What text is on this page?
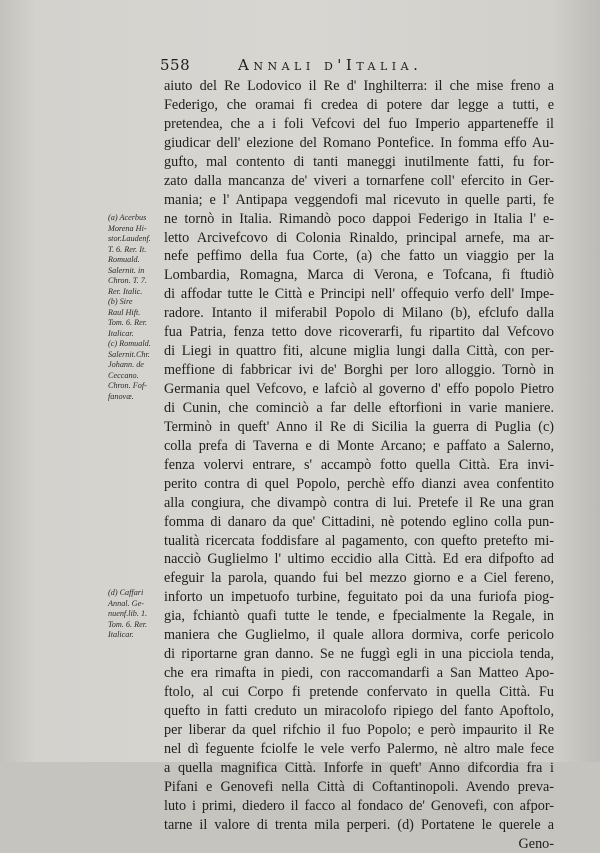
558	Annali d'Italia.
(a) Acerbus
Morena Hi-
stor.Laudenf.
T. 6. Rer. It.
Romuald.
Salernit. in
Chron. T. 7.
Rer. Italic.
(b) Sire
Raul Hift.
Tom. 6. Rer.
Italicar.
(c) Romuald.
Salernit.Chr.
Johann. de
Ceccano.
Chron. Fof-
fanovæ.
(d) Caffari
Annal. Ge-
nuenf.lib. 1.
Tom. 6. Rer.
Italicar.
aiuto del Re Lodovico il Re d' Inghilterra: il che mise freno a
Federigo, che oramai fi credea di potere dar legge a tutti, e
pretendea, che a i foli Vefcovi del fuo Imperio apparteneffe il
giudicar dell' elezione del Romano Pontefice. In fomma effo Au-
gufto, mal contento di tanti maneggi inutilmente fatti, fu for-
zato dalla mancanza de' viveri a tornarfene coll' efercito in Ger-
mania; e l' Antipapa veggendofi mal ricevuto in quelle parti, fe
ne tornò in Italia. Rimandò poco dappoi Federigo in Italia l' e-
letto Arcivefcovo di Colonia Rinaldo, principal arnefe, ma ar-
nefe peffimo della fua Corte, (a) che fatto un viaggio per la
Lombardia, Romagna, Marca di Verona, e Tofcana, fi ftudiò
di affodar tutte le Città e Principi nell' offequio verfo dell' Impe-
radore. Intanto il miferabil Popolo di Milano (b), efclufo dalla
fua Patria, fenza tetto dove ricoverarfi, fu ripartito dal Vefcovo
di Liegi in quattro fiti, alcune miglia lungi dalla Città, con per-
meffione di fabbricar ivi de' Borghi per loro alloggio. Tornò in
Germania quel Vefcovo, e lafciò al governo d' effo popolo Pietro
di Cunin, che cominciò a far delle eftorfioni in varie maniere.
Terminò in queft' Anno il Re di Sicilia la guerra di Puglia (c)
colla prefa di Taverna e di Monte Arcano; e paffato a Salerno,
fenza volervi entrare, s' accampò fotto quella Città. Era invi-
perito contra di quel Popolo, perchè effo dianzi avea confentito
alla congiura, che divampò contra di lui. Pretefe il Re una gran
fomma di danaro da que' Cittadini, nè potendo eglino colla pun-
tualità ricercata foddisfare al pagamento, con quefto pretefto mi-
nacciò Guglielmo l' ultimo eccidio alla Città. Ed era difpofto ad
efeguir la parola, quando fui bel mezzo giorno e a Ciel fereno,
inforto un impetuofo turbine, feguitato poi da una furiofa piog-
gia, fchiantò quafi tutte le tende, e fpecialmente la Regale, in
maniera che Guglielmo, il quale allora dormiva, corfe pericolo
di riportarne gran danno. Se ne fuggì egli in una picciola tenda,
che era rimafta in piedi, con raccomandarfi a San Matteo Apo-
ftolo, al cui Corpo fi pretende confervato in quella Città. Fu
quefto in fatti creduto un miracolofo ripiego del fanto Apoftolo,
per liberar da quel rifchio il fuo Popolo; e però impaurito il Re
nel dì feguente fciolfe le vele verfo Palermo, nè altro male fece
a quella magnifica Città. Inforfe in queft' Anno difcordia fra i
Pifani e Genovefi nella Città di Coftantinopoli. Avendo preva-
luto i primi, diedero il facco al fondaco de' Genovefi, con afpor-
tarne il valore di trenta mila perperi. (d) Portatene le querele a
Geno-
